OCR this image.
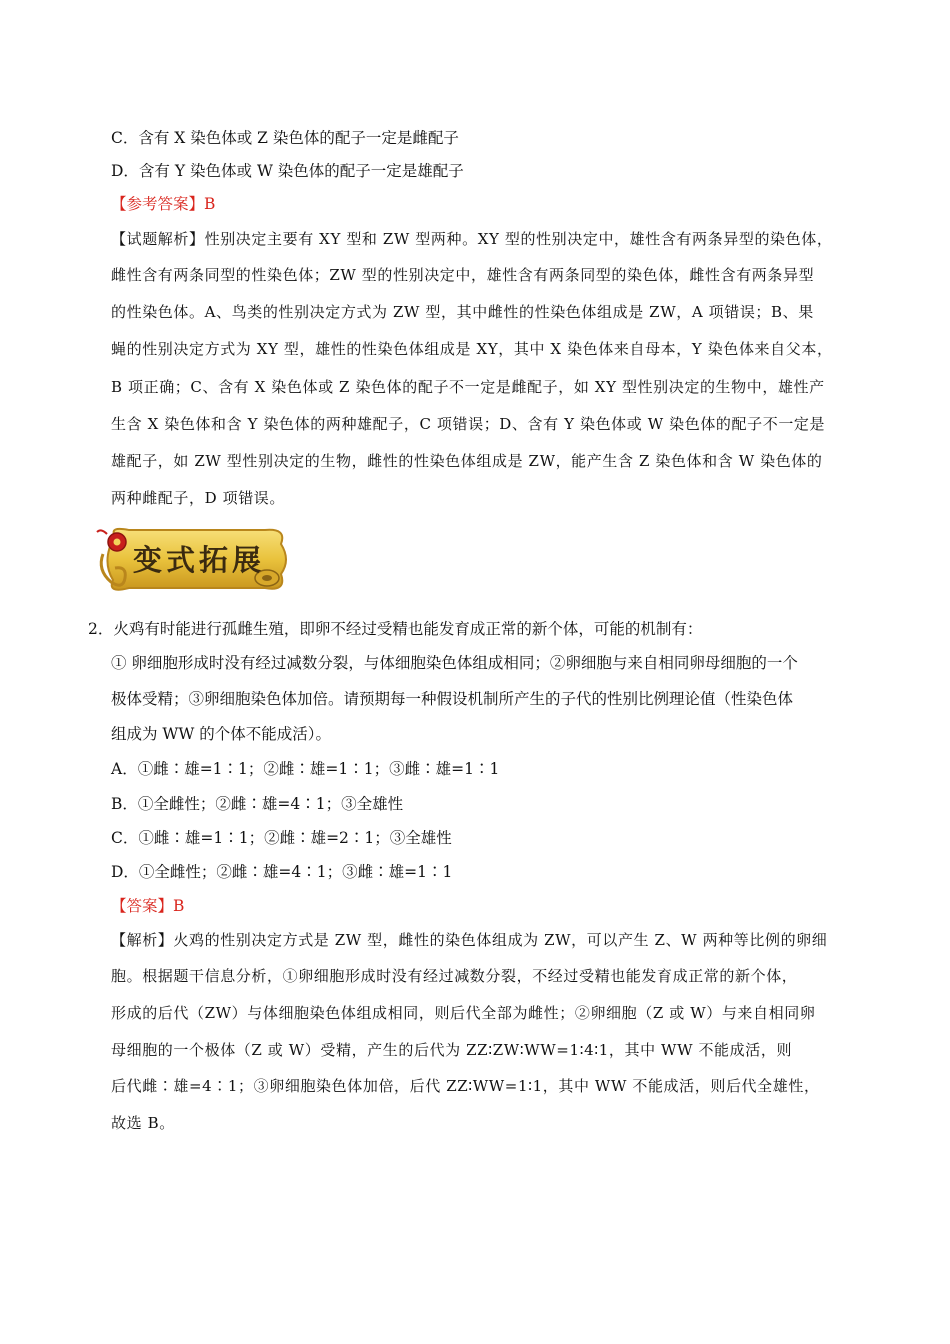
C．含有 X 染色体或 Z 染色体的配子一定是雌配子
D．含有 Y 染色体或 W 染色体的配子一定是雄配子
【参考答案】B
【试题解析】性别决定主要有 XY 型和 ZW 型两种。XY 型的性别决定中，雄性含有两条异型的染色体，
雌性含有两条同型的性染色体；ZW 型的性别决定中，雄性含有两条同型的染色体，雌性含有两条异型
的性染色体。A、鸟类的性别决定方式为 ZW 型，其中雌性的性染色体组成是 ZW，A 项错误；B、果
蝇的性别决定方式为 XY 型，雄性的性染色体组成是 XY，其中 X 染色体来自母本，Y 染色体来自父本，
B 项正确；C、含有 X 染色体或 Z 染色体的配子不一定是雌配子，如 XY 型性别决定的生物中，雄性产
生含 X 染色体和含 Y 染色体的两种雄配子，C 项错误；D、含有 Y 染色体或 W 染色体的配子不一定是
雄配子，如 ZW 型性别决定的生物，雌性的性染色体组成是 ZW，能产生含 Z 染色体和含 W 染色体的
两种雌配子，D 项错误。
变式拓展
2．火鸡有时能进行孤雌生殖，即卵不经过受精也能发育成正常的新个体，可能的机制有：
① 卵细胞形成时没有经过减数分裂，与体细胞染色体组成相同；②卵细胞与来自相同卵母细胞的一个
极体受精；③卵细胞染色体加倍。请预期每一种假设机制所产生的子代的性别比例理论值（性染色体
组成为 WW 的个体不能成活）。
A．①雌∶雄=1∶1；②雌∶雄=1∶1；③雌∶雄=1∶1
B．①全雌性；②雌∶雄=4∶1；③全雄性
C．①雌∶雄=1∶1；②雌∶雄=2∶1；③全雄性
D．①全雌性；②雌∶雄=4∶1；③雌∶雄=1∶1
【答案】B
【解析】火鸡的性别决定方式是 ZW 型，雌性的染色体组成为 ZW，可以产生 Z、W 两种等比例的卵细
胞。根据题干信息分析，①卵细胞形成时没有经过减数分裂，不经过受精也能发育成正常的新个体，
形成的后代（ZW）与体细胞染色体组成相同，则后代全部为雌性；②卵细胞（Z 或 W）与来自相同卵
母细胞的一个极体（Z 或 W）受精，产生的后代为 ZZ∶ZW∶WW=1∶4∶1，其中 WW 不能成活，则
后代雌∶雄=4∶1；③卵细胞染色体加倍，后代 ZZ∶WW=1∶1，其中 WW 不能成活，则后代全雄性，
故选 B。
